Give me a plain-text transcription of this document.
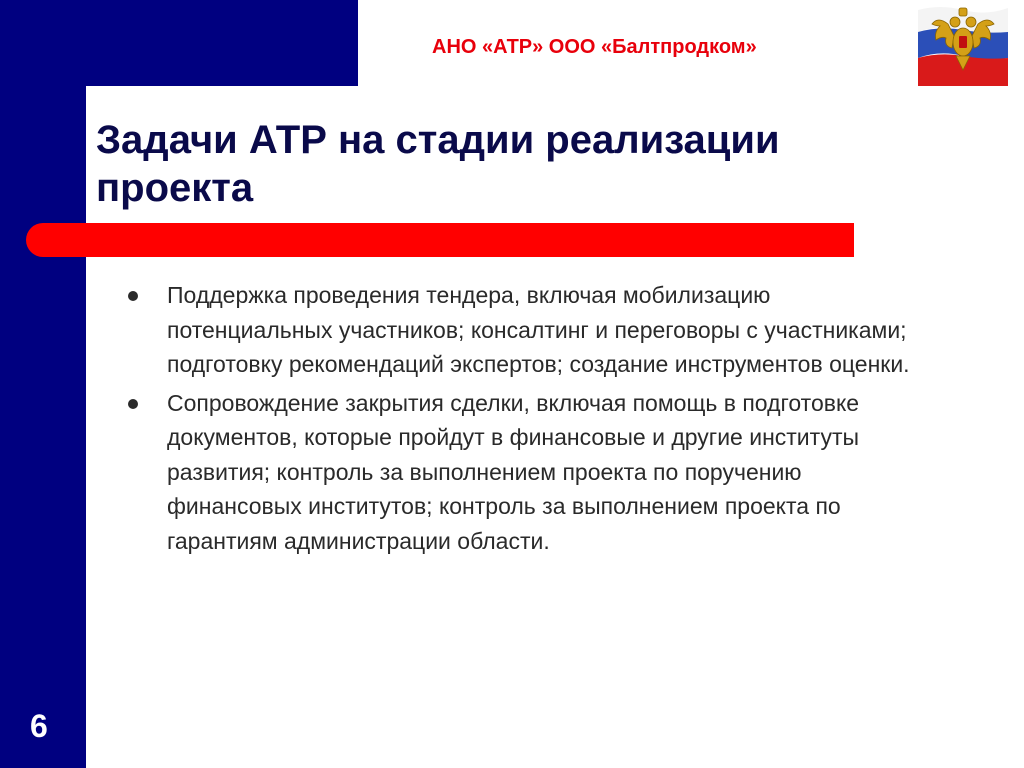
АНО «АТР» ООО «Балтпродком»
Задачи АТР на стадии реализации проекта
Поддержка проведения тендера, включая мобилизацию потенциальных участников; консалтинг и переговоры с участниками; подготовку рекомендаций экспертов; создание инструментов оценки.
Сопровождение закрытия сделки, включая помощь в подготовке документов, которые пройдут в финансовые и другие институты развития; контроль за выполнением проекта по поручению финансовых институтов; контроль за выполнением проекта по гарантиям администрации области.
6
